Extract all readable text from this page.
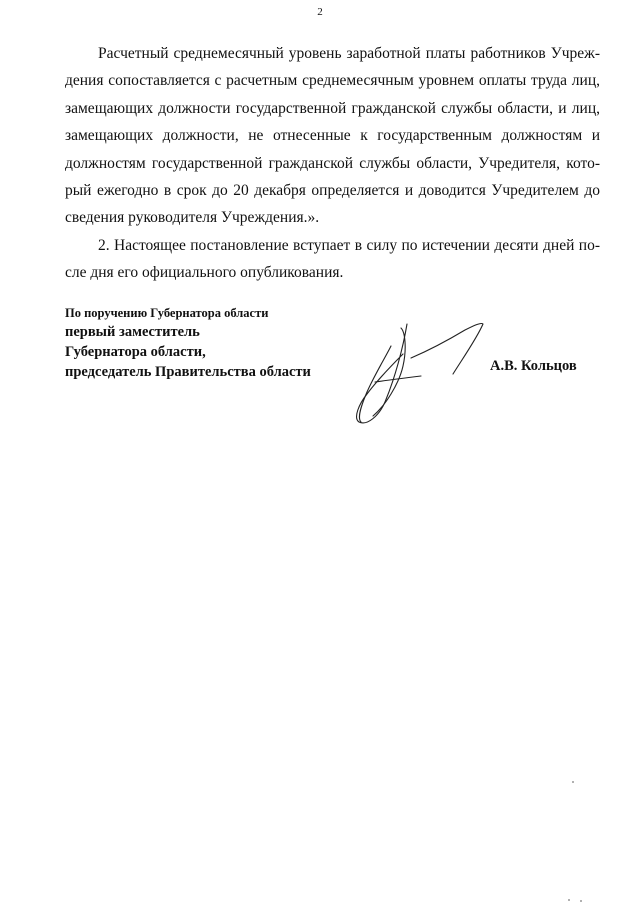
2

Расчетный среднемесячный уровень заработной платы работников Учреж-
дения сопоставляется с расчетным среднемесячным уровнем оплаты труда лиц,
замещающих должности государственной гражданской службы области, и лиц,
замещающих должности, не отнесенные к государственным должностям и
должностям государственной гражданской службы области, Учредителя, кото-
рый ежегодно в срок до 20 декабря определяется и доводится Учредителем до
сведения руководителя Учреждения.».

2. Настоящее постановление вступает в силу по истечении десяти дней по-
сле дня его официального опубликования.

По поручению Губернатора области
первый заместитель
Губернатора области,
председатель Правительства области	А.В. Кольцов
